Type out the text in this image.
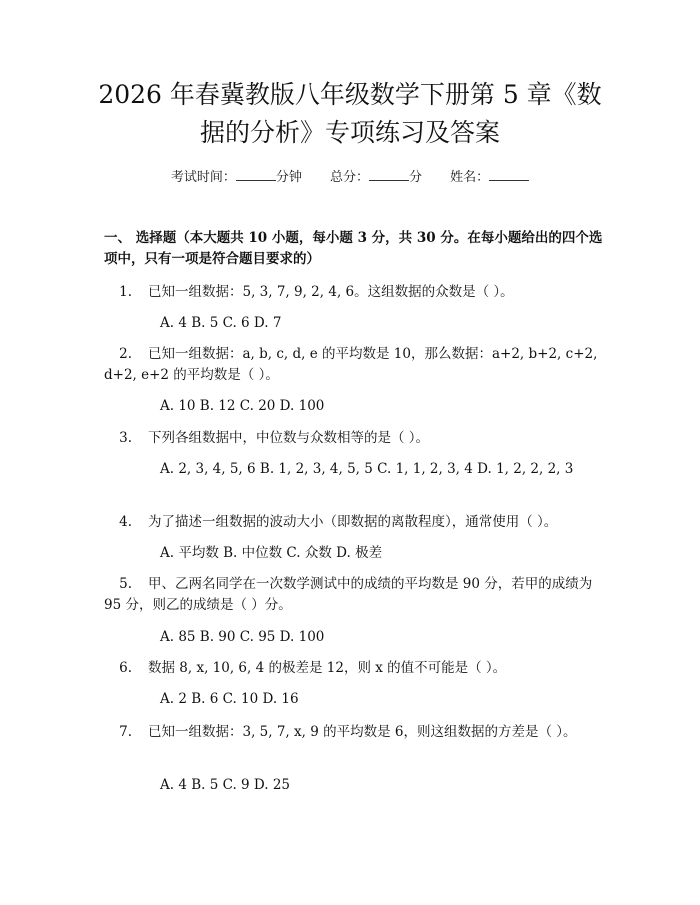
2026 年春冀教版八年级数学下册第 5 章《数
据的分析》专项练习及答案
考试时间：	分钟 总分：	分 姓名：
一、 选择题（本大题共 10 小题，每小题 3 分，共 30 分。在每小题给出的四个选项中，只有一项是符合题目要求的）
1. 已知一组数据：5, 3, 7, 9, 2, 4, 6。这组数据的众数是（ ）。
A. 4 B. 5 C. 6 D. 7
2. 已知一组数据：a, b, c, d, e 的平均数是 10，那么数据：a+2, b+2, c+2, d+2, e+2 的平均数是（ ）。
A. 10 B. 12 C. 20 D. 100
3. 下列各组数据中，中位数与众数相等的是（ ）。
A. 2, 3, 4, 5, 6 B. 1, 2, 3, 4, 5, 5 C. 1, 1, 2, 3, 4 D. 1, 2, 2, 2, 3
4. 为了描述一组数据的波动大小（即数据的离散程度），通常使用（ ）。
A. 平均数 B. 中位数 C. 众数 D. 极差
5. 甲、乙两名同学在一次数学测试中的成绩的平均数是 90 分，若甲的成绩为 95 分，则乙的成绩是（ ）分。
A. 85 B. 90 C. 95 D. 100
6. 数据 8, x, 10, 6, 4 的极差是 12，则 x 的值不可能是（ ）。
A. 2 B. 6 C. 10 D. 16
7. 已知一组数据：3, 5, 7, x, 9 的平均数是 6，则这组数据的方差是（ ）。
A. 4 B. 5 C. 9 D. 25
